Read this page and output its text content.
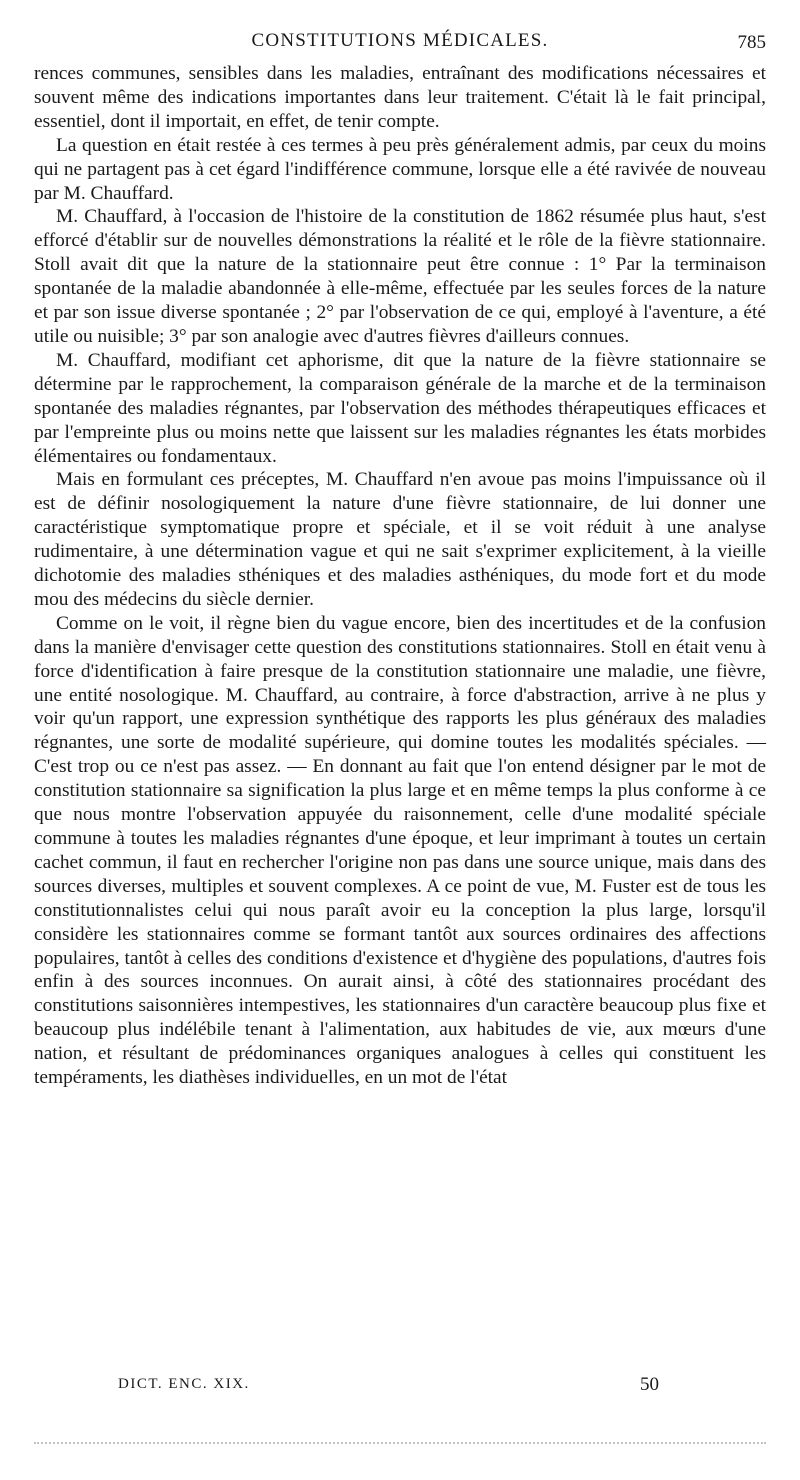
CONSTITUTIONS MÉDICALES.	785

rences communes, sensibles dans les maladies, entraînant des modifications nécessaires et souvent même des indications importantes dans leur traitement. C'était là le fait principal, essentiel, dont il importait, en effet, de tenir compte.

La question en était restée à ces termes à peu près généralement admis, par ceux du moins qui ne partagent pas à cet égard l'indifférence commune, lorsque elle a été ravivée de nouveau par M. Chauffard.

M. Chauffard, à l'occasion de l'histoire de la constitution de 1862 résumée plus haut, s'est efforcé d'établir sur de nouvelles démonstrations la réalité et le rôle de la fièvre stationnaire. Stoll avait dit que la nature de la stationnaire peut être connue : 1° Par la terminaison spontanée de la maladie abandonnée à elle-même, effectuée par les seules forces de la nature et par son issue diverse spontanée ; 2° par l'observation de ce qui, employé à l'aventure, a été utile ou nuisible; 3° par son analogie avec d'autres fièvres d'ailleurs connues.

M. Chauffard, modifiant cet aphorisme, dit que la nature de la fièvre stationnaire se détermine par le rapprochement, la comparaison générale de la marche et de la terminaison spontanée des maladies régnantes, par l'observation des méthodes thérapeutiques efficaces et par l'empreinte plus ou moins nette que laissent sur les maladies régnantes les états morbides élémentaires ou fondamentaux.

Mais en formulant ces préceptes, M. Chauffard n'en avoue pas moins l'impuissance où il est de définir nosologiquement la nature d'une fièvre stationnaire, de lui donner une caractéristique symptomatique propre et spéciale, et il se voit réduit à une analyse rudimentaire, à une détermination vague et qui ne sait s'exprimer explicitement, à la vieille dichotomie des maladies sthéniques et des maladies asthéniques, du mode fort et du mode mou des médecins du siècle dernier.

Comme on le voit, il règne bien du vague encore, bien des incertitudes et de la confusion dans la manière d'envisager cette question des constitutions stationnaires. Stoll en était venu à force d'identification à faire presque de la constitution stationnaire une maladie, une fièvre, une entité nosologique. M. Chauffard, au contraire, à force d'abstraction, arrive à ne plus y voir qu'un rapport, une expression synthétique des rapports les plus généraux des maladies régnantes, une sorte de modalité supérieure, qui domine toutes les modalités spéciales. — C'est trop ou ce n'est pas assez. — En donnant au fait que l'on entend désigner par le mot de constitution stationnaire sa signification la plus large et en même temps la plus conforme à ce que nous montre l'observation appuyée du raisonnement, celle d'une modalité spéciale commune à toutes les maladies régnantes d'une époque, et leur imprimant à toutes un certain cachet commun, il faut en rechercher l'origine non pas dans une source unique, mais dans des sources diverses, multiples et souvent complexes. A ce point de vue, M. Fuster est de tous les constitutionnalistes celui qui nous paraît avoir eu la conception la plus large, lorsqu'il considère les stationnaires comme se formant tantôt aux sources ordinaires des affections populaires, tantôt à celles des conditions d'existence et d'hygiène des populations, d'autres fois enfin à des sources inconnues. On aurait ainsi, à côté des stationnaires procédant des constitutions saisonnières intempestives, les stationnaires d'un caractère beaucoup plus fixe et beaucoup plus indélébile tenant à l'alimentation, aux habitudes de vie, aux mœurs d'une nation, et résultant de prédominances organiques analogues à celles qui constituent les tempéraments, les diathèses individuelles, en un mot de l'état

DICT. ENC. XIX.	50
